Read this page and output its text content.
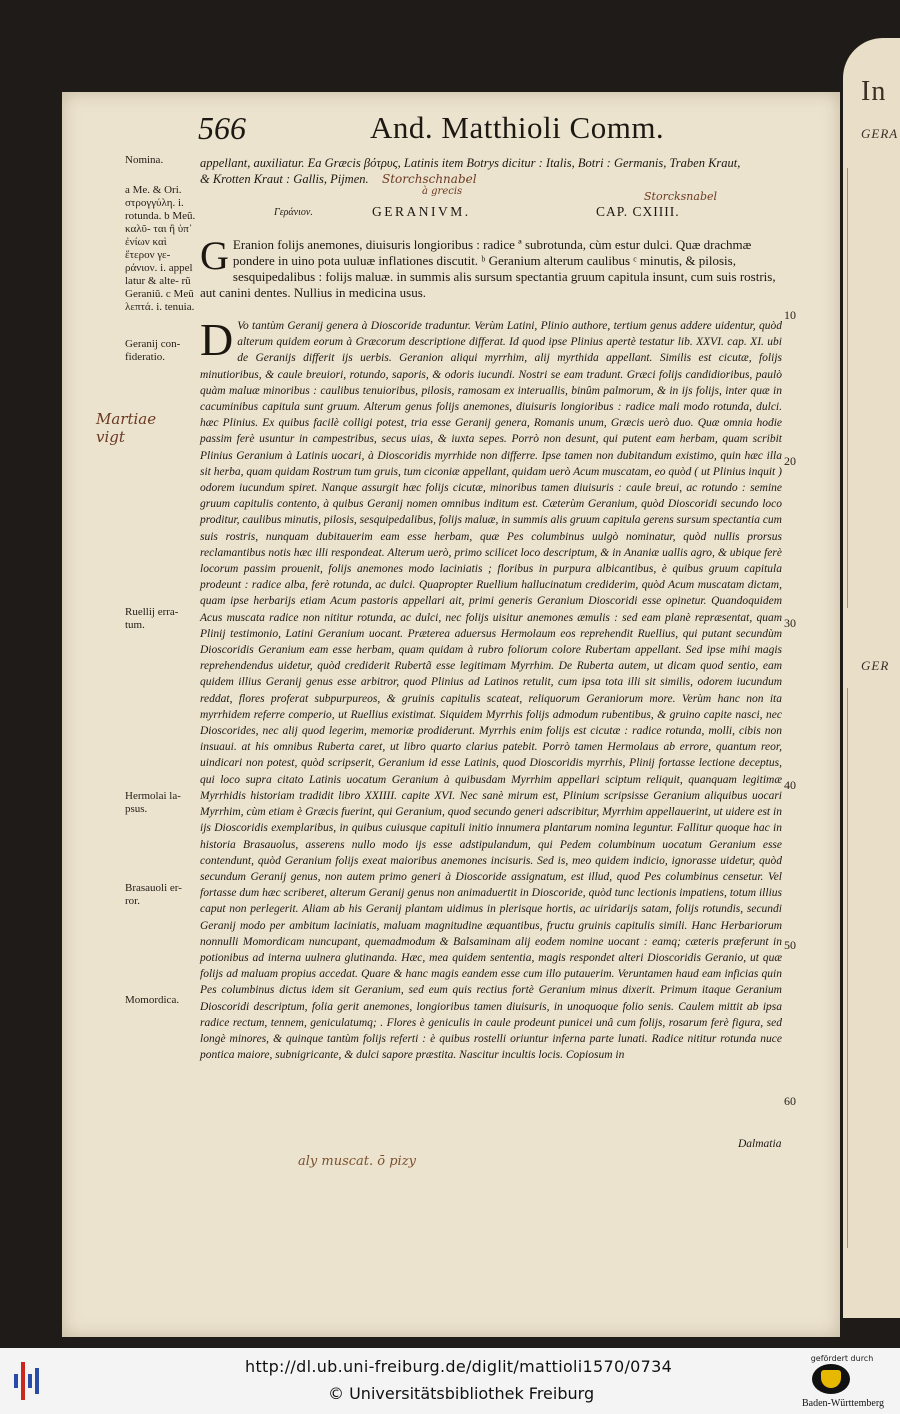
In
GERA
GER
566	And. Matthioli Comm.
appellant, auxiliatur. Ea Græcis βότρυς, Latinis item Botrys dicitur : Italis, Botri : Germanis, Traben Kraut,
& Krotten Kraut : Gallis, Pijmen.
Γεράνιον.	GERANIVM.	CAP. CXIIII.
G Eranion folijs anemones, diuisuris longioribus : radice ª subrotunda, cùm estur dulci. Quæ drachmæ pondere in uino pota uuluæ inflationes discutit. ᵇ Geranium alterum caulibus ᶜ minutis, & pilosis, sesquipedalibus : folijs maluæ. in summis alis sursum spectantia gruum capitula insunt, cum suis rostris, aut canini dentes. Nullius in medicina usus.
D Vo tantùm Geranij genera à Dioscoride traduntur. Verùm Latini, Plinio authore, tertium genus addere uidentur, quòd alterum quidem eorum à Græcorum descriptione differat. Id quod ipse Plinius apertè testatur lib. XXVI. cap. XI. ubi de Geranijs differit ijs uerbis. Geranion aliqui myrrhim, alij myrthida appellant. Similis est cicutæ, folijs minutioribus, & caule breuiori, rotundo, saporis, & odoris iucundi. Nostri se eam tradunt. Græci folijs candidioribus, paulò quàm maluæ minoribus : caulibus tenuioribus, pilosis, ramosam ex interuallis, binûm palmorum, & in ijs folijs, inter quæ in cacuminibus capitula sunt gruum. Alterum genus folijs anemones, diuisuris longioribus : radice mali modo rotunda, dulci. hæc Plinius. Ex quibus facilè colligi potest, tria esse Geranij genera, Romanis unum, Græcis uerò duo. Quæ omnia hodie passim ferè usuntur in campestribus, secus uias, & iuxta sepes. Porrò non desunt, qui putent eam herbam, quam scribit Plinius Geranium à Latinis uocari, à Dioscoridis myrrhide non differre. Ipse tamen non dubitandum existimo, quin hæc illa sit herba, quam quidam Rostrum tum gruis, tum ciconiæ appellant, quidam uerò Acum muscatam, eo quòd ( ut Plinius inquit ) odorem iucundum spiret. Nanque assurgit hæc folijs cicutæ, minoribus tamen diuisuris : caule breui, ac rotundo : semine gruum capitulis contento, à quibus Geranij nomen omnibus inditum est. Cæterùm Geranium, quòd Dioscoridi secundo loco proditur, caulibus minutis, pilosis, sesquipedalibus, folijs maluæ, in summis alis gruum capitula gerens sursum spectantia cum suis rostris, nunquam dubitauerim eam esse herbam, quæ Pes columbinus uulgò nominatur, quòd nullis prorsus reclamantibus notis hæc illi respondeat. Alterum uerò, primo scilicet loco descriptum, & in Ananiæ uallis agro, & ubique ferè locorum passim prouenit, folijs anemones modo laciniatis ; floribus in purpura albicantibus, è quibus gruum capitula prodeunt : radice alba, ferè rotunda, ac dulci. Quapropter Ruellium hallucinatum crediderim, quòd Acum muscatam dictam, quam ipse herbarijs etiam Acum pastoris appellari ait, primi generis Geranium Dioscoridi esse opinetur. Quandoquidem Acus muscata radice non nititur rotunda, ac dulci, nec folijs uisitur anemones æmulis : sed eam planè repræsentat, quam Plinij testimonio, Latini Geranium uocant. Præterea aduersus Hermolaum eos reprehendit Ruellius, qui putant secundùm Dioscoridis Geranium eam esse herbam, quam quidam à rubro foliorum colore Rubertam appellant. Sed ipse mihi magis reprehendendus uidetur, quòd crediderit Rubertã esse legitimam Myrrhim. De Ruberta autem, ut dicam quod sentio, eam quidem illius Geranij genus esse arbitror, quod Plinius ad Latinos retulit, cum ipsa tota illi sit similis, odorem iucundum reddat, flores proferat subpurpureos, & gruinis capitulis scateat, reliquorum Geraniorum more. Verùm hanc non ita myrrhidem referre comperio, ut Ruellius existimat. Siquidem Myrrhis folijs admodum rubentibus, & gruino capite nasci, nec Dioscorides, nec alij quod legerim, memoriæ prodiderunt. Myrrhis enim folijs est cicutæ : radice rotunda, molli, cibis non insuaui. at his omnibus Ruberta caret, ut libro quarto clarius patebit. Porrò tamen Hermolaus ab errore, quantum reor, uindicari non potest, quòd scripserit, Geranium id esse Latinis, quod Dioscoridis myrrhis, Plinij fortasse lectione deceptus, qui loco supra citato Latinis uocatum Geranium à quibusdam Myrrhim appellari sciptum reliquit, quanquam legitimæ Myrrhidis historiam tradidit libro XXIIII. capite XVI. Nec sanè mirum est, Plinium scripsisse Geranium aliquibus uocari Myrrhim, cùm etiam è Græcis fuerint, qui Geranium, quod secundo generi adscribitur, Myrrhim appellauerint, ut uidere est in ijs Dioscoridis exemplaribus, in quibus cuiusque capituli initio innumera plantarum nomina leguntur. Fallitur quoque hac in historia Brasauolus, asserens nullo modo ijs esse adstipulandum, qui Pedem columbinum uocatum Geranium esse contendunt, quòd Geranium folijs exeat maioribus anemones incisuris. Sed is, meo quidem indicio, ignorasse uidetur, quòd secundum Geranij genus, non autem primo generi à Dioscoride assignatum, est illud, quod Pes columbinus censetur. Vel fortasse dum hæc scriberet, alterum Geranij genus non animaduertit in Dioscoride, quòd tunc lectionis impatiens, totum illius caput non perlegerit. Aliam ab his Geranij plantam uidimus in plerisque hortis, ac uiridarijs satam, folijs rotundis, secundi Geranij modo per ambitum laciniatis, maluam magnitudine æquantibus, fructu gruinis capitulis simili. Hanc Herbariorum nonnulli Momordicam nuncupant, quemadmodum & Balsaminam alij eodem nomine uocant : eamq; cæteris præferunt in potionibus ad interna uulnera glutinanda. Hæc, mea quidem sententia, magis respondet alteri Dioscoridis Geranio, ut quæ folijs ad maluam propius accedat. Quare & hanc magis eandem esse cum illo putauerim. Veruntamen haud eam inficias quin Pes columbinus dictus idem sit Geranium, sed eum quis rectius fortè Geranium minus dixerit. Primum itaque Geranium Dioscoridi descriptum, folia gerit anemones, longioribus tamen diuisuris, in unoquoque folio senis. Caulem mittit ab ipsa radice rectum, tennem, geniculatumq; . Flores è geniculis in caule prodeunt punicei unâ cum folijs, rosarum ferè figura, sed longè minores, & quinque tantùm folijs referti : è quibus rostelli oriuntur inferna parte lunati. Radice nititur rotunda nuce pontica maiore, subnigricante, & dulci sapore præstita. Nascitur incultis locis. Copiosum in
Dalmatia
Nomina.
a Me. & Ori. στρογγύλη. i. rotunda. b Meũ. καλῦ- ται ἢ ὑπ᾽ ἐνίων καὶ ἕτερον γε- ράνιον. i. appel latur & alte- rũ Geraniũ. c Meũ λεπτά. i. tenuia.
Geranij con- fideratio.
Ruellij erra- tum.
Hermolai la- psus.
Brasauoli er- ror.
Momordica.
10
20
30
40
50
60
Storchschnabel
à grecis	Storcksnabel
Martiae vigt
aly muscat. ō pizy
http://dl.ub.uni-freiburg.de/diglit/mattioli1570/0734
© Universitätsbibliothek Freiburg
gefördert durch
Baden-Württemberg
